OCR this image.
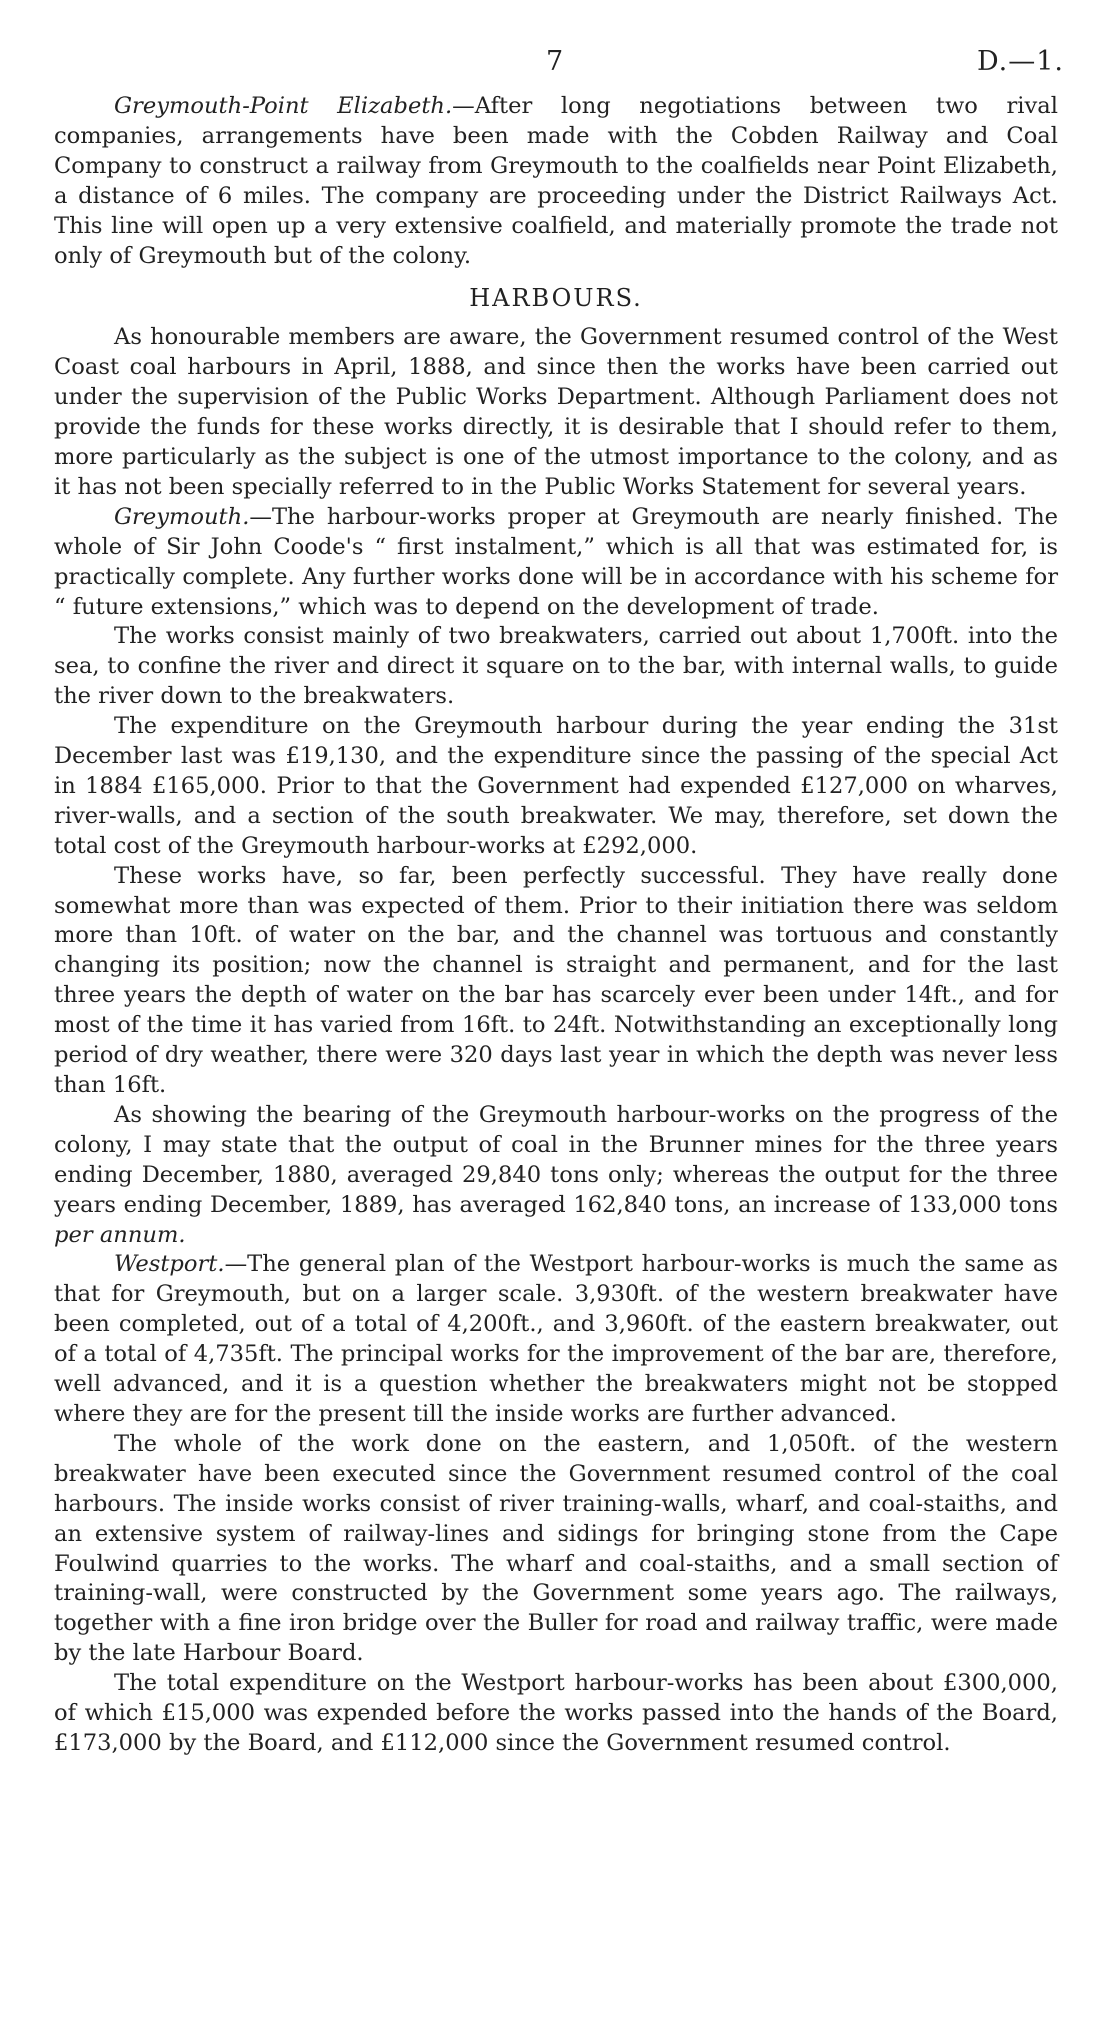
7	D.—1.

Greymouth-Point Elizabeth.—After long negotiations between two rival companies, arrangements have been made with the Cobden Railway and Coal Company to construct a railway from Greymouth to the coalfields near Point Elizabeth, a distance of 6 miles. The company are proceeding under the District Railways Act. This line will open up a very extensive coalfield, and materially promote the trade not only of Greymouth but of the colony.

HARBOURS.

As honourable members are aware, the Government resumed control of the West Coast coal harbours in April, 1888, and since then the works have been carried out under the supervision of the Public Works Department. Although Parliament does not provide the funds for these works directly, it is desirable that I should refer to them, more particularly as the subject is one of the utmost importance to the colony, and as it has not been specially referred to in the Public Works Statement for several years.

Greymouth.—The harbour-works proper at Greymouth are nearly finished. The whole of Sir John Coode's “ first instalment,” which is all that was estimated for, is practically complete. Any further works done will be in accordance with his scheme for “ future extensions,” which was to depend on the development of trade.

The works consist mainly of two breakwaters, carried out about 1,700ft. into the sea, to confine the river and direct it square on to the bar, with internal walls, to guide the river down to the breakwaters.

The expenditure on the Greymouth harbour during the year ending the 31st December last was £19,130, and the expenditure since the passing of the special Act in 1884 £165,000. Prior to that the Government had expended £127,000 on wharves, river-walls, and a section of the south breakwater. We may, therefore, set down the total cost of the Greymouth harbour-works at £292,000.

These works have, so far, been perfectly successful. They have really done somewhat more than was expected of them. Prior to their initiation there was seldom more than 10ft. of water on the bar, and the channel was tortuous and constantly changing its position; now the channel is straight and permanent, and for the last three years the depth of water on the bar has scarcely ever been under 14ft., and for most of the time it has varied from 16ft. to 24ft. Notwithstanding an exceptionally long period of dry weather, there were 320 days last year in which the depth was never less than 16ft.

As showing the bearing of the Greymouth harbour-works on the progress of the colony, I may state that the output of coal in the Brunner mines for the three years ending December, 1880, averaged 29,840 tons only; whereas the output for the three years ending December, 1889, has averaged 162,840 tons, an increase of 133,000 tons per annum.

Westport.—The general plan of the Westport harbour-works is much the same as that for Greymouth, but on a larger scale. 3,930ft. of the western breakwater have been completed, out of a total of 4,200ft., and 3,960ft. of the eastern breakwater, out of a total of 4,735ft. The principal works for the improvement of the bar are, therefore, well advanced, and it is a question whether the breakwaters might not be stopped where they are for the present till the inside works are further advanced.

The whole of the work done on the eastern, and 1,050ft. of the western breakwater have been executed since the Government resumed control of the coal harbours. The inside works consist of river training-walls, wharf, and coal-staiths, and an extensive system of railway-lines and sidings for bringing stone from the Cape Foulwind quarries to the works. The wharf and coal-staiths, and a small section of training-wall, were constructed by the Government some years ago. The railways, together with a fine iron bridge over the Buller for road and railway traffic, were made by the late Harbour Board.

The total expenditure on the Westport harbour-works has been about £300,000, of which £15,000 was expended before the works passed into the hands of the Board, £173,000 by the Board, and £112,000 since the Government resumed control.
